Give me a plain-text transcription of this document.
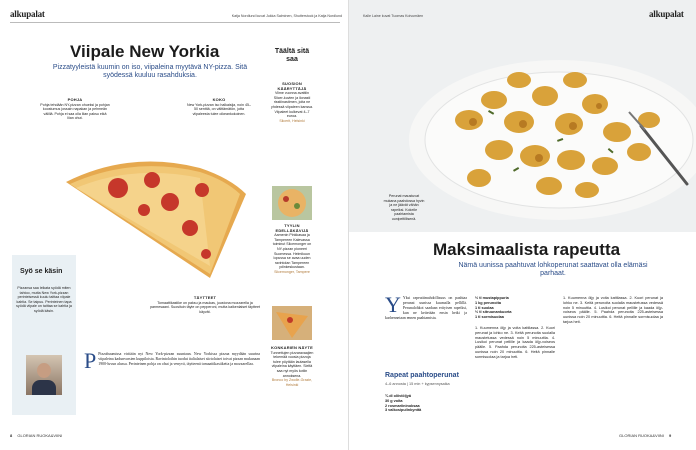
alkupalat	Katja Nordlund kuvat Jukka Salminen, Shutterstock ja Katja Nordlund
Viipale New Yorkia
Pizzatyyleistä kuumin on iso, viipaleina myytävä NY-pizza. Sitä syödessä kuuluu rasahduksia.
POHJA
Pohja tehdään NY-pizzan ohueksi ja pohjan koostumus jossain napakan ja pehmeän välillä. Pohja ei saa olla liian paksu eikä liian ohut.
KOKO
New York-pizzan iso halkaisija, noin 45–50 senttiä, on välttämätön, jotta viipaleesta tulee oikeankokoinen.
TÄYTTEET
Tomaattikastike on paksu ja maukas, juustona mozzarella ja parmesaani. Suosituin täyte on pepperoni, mutta kaikenlaiset täytteet käyvät.
Syö se käsin
Pizzansa saa leikata syödä miten tahtoo, mutta New York-pizzan perinteisessä kuulu taittaa viipale kahtia. Se taipuu. Perinteinen tapa syödä viipale on taittaa se kahtia ja syödä käsin.
P Pizzabuumissa viritään nyt New York-pizzan suuntaan. New Yorkissa pizzaa myydään suurina viipaleina kadunvarsien kuppiloista. Ravintoloihin tuodut italialaiset siirtolaiset toivat pizzan mukanaan 1900-luvun alussa. Perinteinen pohja on ohut ja venyvä, täytteenä tomaattikastiketta ja mozzarellaa.
Täältä sitä saa
SUOSION KÄÄRYTTÄJÄ
Viime vuonna avattiin Slicer-kuvien ja ilonasti risstiinastimen, joita ne yhdessä viipaleen kanssa. Viipaleet kulkevat 4–7 euroa.
Slicerit, Helsinki
TYYLIN EDELLÄKÄVIJÄ
Aamenin Pinkkasaa ja Tampereen Kalevassa toiminut Slicemonger on NY-pizzan pioneeri Suomessa. Helmikuun lopussa se avaa uuden ravintolan Tampereen ydinkeskustaan.
Slicemonger, Tampere
KONKARIEN NÄYTE
Tunnettujen pizzaravaajien tekemää vuosia pizzoja tulee pöytään lautasella viipaleina käyttäen. Sieltä saa nyt myös kotiin annoksena.
Bronco by Zwolle-Grazie, Helsinki
8 GLORIAN RUOKA&VIINI
alkupalat
Kalle Laine kuvat Tuomas Koivumäen
Perunat maustuvat mukana paahdossa hyvin ja ne jäävät vähän rapeiksi. Kokeile paahtamista uunipeltillisenä.
Maksimaalista rapeutta
Nämä uunissa paahtuvat lohkoperunat saattavat olla elämäsi parhaat.
Y Yksi rapeuttimahdollisuus on paahtaa perunat uunissa kuumalla pellillä. Perunalohkot saadaan erityisen rapeiksi, kun ne keitetään ensin hetki ja karhennetaan ennen paahtamista.
Rapeat paahtoperunat
4–6 annosta | 15 min + kypsennysaika
¾ dl oliiviöljyä
30 g voita
2 rosmariininoksaa
3 valkosipulinkynttä
½ tl mustapippuria
1 kg perunoita
1 tl suolaa
½ tl sitruunankuorta
1 tl sormisuolaa
1. Kuumenna öljy ja voita kattilassa. 2. Kuori perunat ja lohko ne. 3. Keitä perunoita suolalla maustetussa vedessä noin 5 minuuttia. 4. Lusikoi perunat pellille ja kaada öljy-voiseos päälle. 5. Paahda perunoita 225-asteisessa uunissa noin 20 minuuttia. 6. Heitä pinnalle sormisuolaa ja tarjoa heti.
1. Kuumenna öljy ja voita kattilassa. 2. Kuori perunat ja lohko ne. 3. Keitä perunoita suolalla maustetussa vedessä noin 5 minuuttia. 4. Lusikoi perunat pellille ja kaada öljy-voiseos päälle. 5. Paahda perunoita 225-asteisessa uunissa noin 20 minuuttia. 6. Heitä pinnalle sormisuolaa ja tarjoa heti.
GLORIAN RUOKA&VIINI 9
